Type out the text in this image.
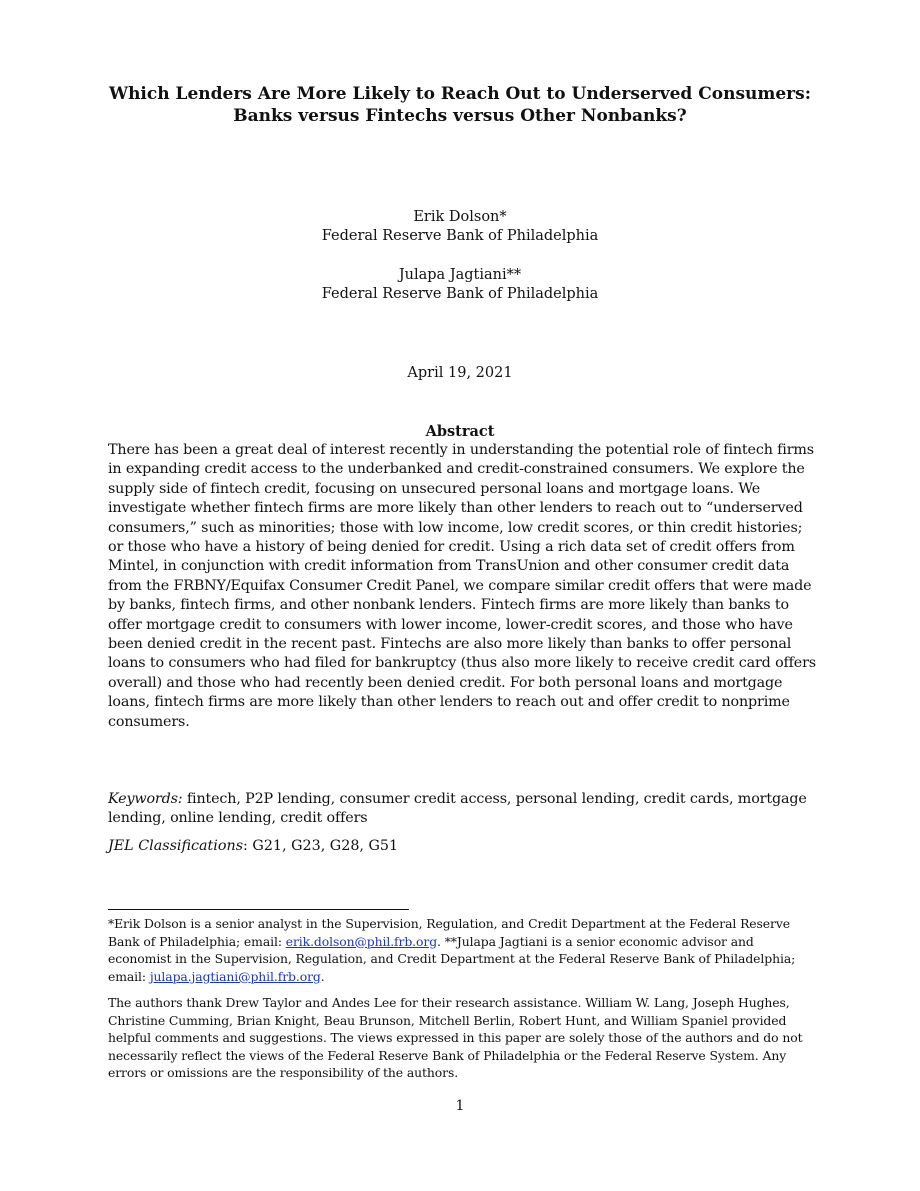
Which Lenders Are More Likely to Reach Out to Underserved Consumers:
Banks versus Fintechs versus Other Nonbanks?
Erik Dolson*
Federal Reserve Bank of Philadelphia
Julapa Jagtiani**
Federal Reserve Bank of Philadelphia
April 19, 2021
Abstract
There has been a great deal of interest recently in understanding the potential role of fintech firms in expanding credit access to the underbanked and credit-constrained consumers. We explore the supply side of fintech credit, focusing on unsecured personal loans and mortgage loans. We investigate whether fintech firms are more likely than other lenders to reach out to “underserved consumers,” such as minorities; those with low income, low credit scores, or thin credit histories; or those who have a history of being denied for credit. Using a rich data set of credit offers from Mintel, in conjunction with credit information from TransUnion and other consumer credit data from the FRBNY/Equifax Consumer Credit Panel, we compare similar credit offers that were made by banks, fintech firms, and other nonbank lenders. Fintech firms are more likely than banks to offer mortgage credit to consumers with lower income, lower-credit scores, and those who have been denied credit in the recent past. Fintechs are also more likely than banks to offer personal loans to consumers who had filed for bankruptcy (thus also more likely to receive credit card offers overall) and those who had recently been denied credit. For both personal loans and mortgage loans, fintech firms are more likely than other lenders to reach out and offer credit to nonprime consumers.
Keywords: fintech, P2P lending, consumer credit access, personal lending, credit cards, mortgage lending, online lending, credit offers
JEL Classifications: G21, G23, G28, G51
*Erik Dolson is a senior analyst in the Supervision, Regulation, and Credit Department at the Federal Reserve Bank of Philadelphia; email: erik.dolson@phil.frb.org. **Julapa Jagtiani is a senior economic advisor and economist in the Supervision, Regulation, and Credit Department at the Federal Reserve Bank of Philadelphia; email: julapa.jagtiani@phil.frb.org.
The authors thank Drew Taylor and Andes Lee for their research assistance. William W. Lang, Joseph Hughes, Christine Cumming, Brian Knight, Beau Brunson, Mitchell Berlin, Robert Hunt, and William Spaniel provided helpful comments and suggestions. The views expressed in this paper are solely those of the authors and do not necessarily reflect the views of the Federal Reserve Bank of Philadelphia or the Federal Reserve System. Any errors or omissions are the responsibility of the authors.
1
